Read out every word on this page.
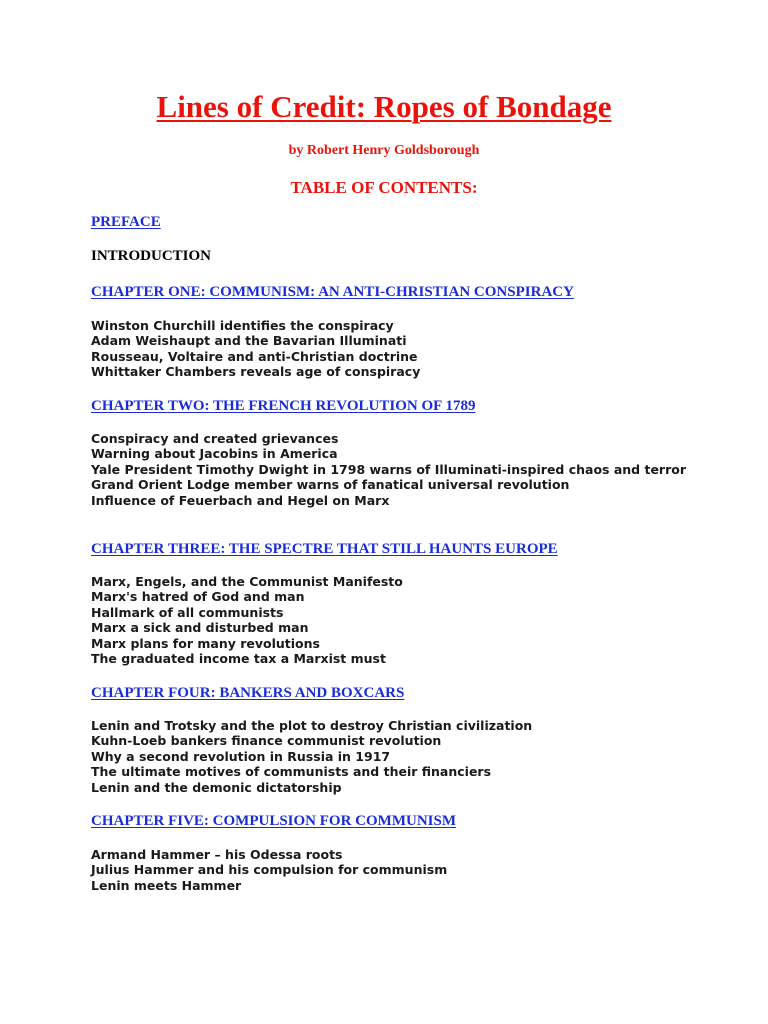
Lines of Credit: Ropes of Bondage
by Robert Henry Goldsborough
TABLE OF CONTENTS:
PREFACE
INTRODUCTION
CHAPTER ONE: COMMUNISM: AN ANTI-CHRISTIAN CONSPIRACY
Winston Churchill identifies the conspiracy
Adam Weishaupt and the Bavarian Illuminati
Rousseau, Voltaire and anti-Christian doctrine
Whittaker Chambers reveals age of conspiracy
CHAPTER TWO: THE FRENCH REVOLUTION OF 1789
Conspiracy and created grievances
Warning about Jacobins in America
Yale President Timothy Dwight in 1798 warns of Illuminati-inspired chaos and terror
Grand Orient Lodge member warns of fanatical universal revolution
Influence of Feuerbach and Hegel on Marx
CHAPTER THREE: THE SPECTRE THAT STILL HAUNTS EUROPE
Marx, Engels, and the Communist Manifesto
Marx's hatred of God and man
Hallmark of all communists
Marx a sick and disturbed man
Marx plans for many revolutions
The graduated income tax a Marxist must
CHAPTER FOUR: BANKERS AND BOXCARS
Lenin and Trotsky and the plot to destroy Christian civilization
Kuhn-Loeb bankers finance communist revolution
Why a second revolution in Russia in 1917
The ultimate motives of communists and their financiers
Lenin and the demonic dictatorship
CHAPTER FIVE: COMPULSION FOR COMMUNISM
Armand Hammer – his Odessa roots
Julius Hammer and his compulsion for communism
Lenin meets Hammer
